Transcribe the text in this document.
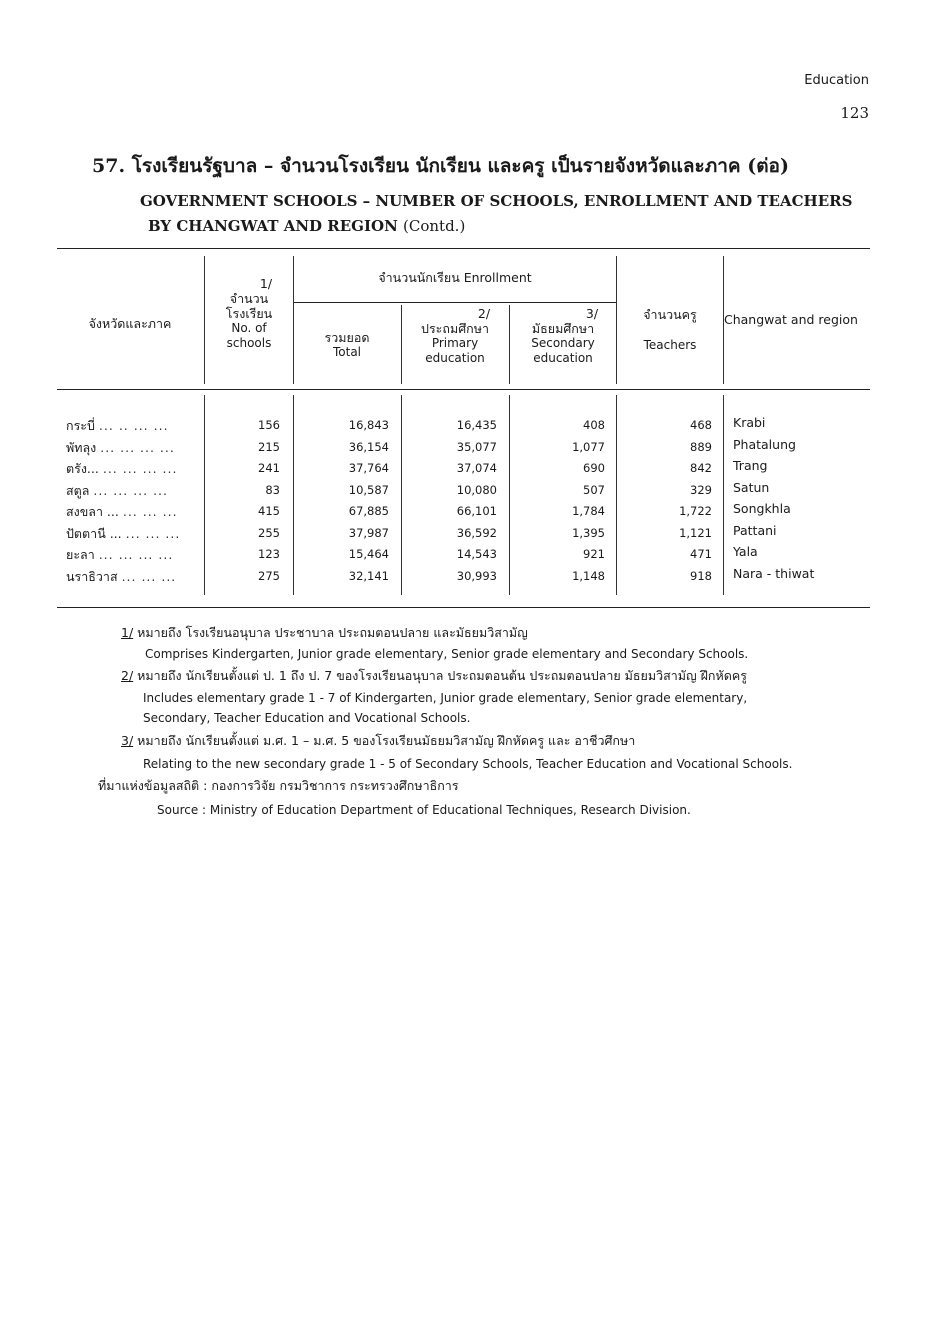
Education
123
57. โรงเรียนรัฐบาล – จำนวนโรงเรียน นักเรียน และครู เป็นรายจังหวัดและภาค (ต่อ)
GOVERNMENT SCHOOLS – NUMBER OF SCHOOLS, ENROLLMENT AND TEACHERS
BY CHANGWAT AND REGION (Contd.)
จังหวัดและภาค
1/
จำนวน
โรงเรียน
No. of
schools
จำนวนนักเรียน Enrollment
รวมยอด
Total
2/
ประถมศึกษา
Primary
education
3/
มัธยมศึกษา
Secondary
education
จำนวนครู
Teachers
Changwat and region
กระบี่ ... .. ... ...	156	16,843	16,435	408	468 Krabi
พัทลุง ... ... ... ...	215	36,154	35,077	1,077	889 Phatalung
ตรัง... ... ... ... ...	241	37,764	37,074	690	842 Trang
สตูล ... ... ... ...	83	10,587	10,080	507	329 Satun
สงขลา ... ... ... ...	415	67,885	66,101	1,784	1,722 Songkhla
ปัตตานี ... ... ... ...	255	37,987	36,592	1,395	1,121 Pattani
ยะลา ... ... ... ...	123	15,464	14,543	921	471 Yala
นราธิวาส ... ... ...	275	32,141	30,993	1,148	918 Nara - thiwat
1/ หมายถึง โรงเรียนอนุบาล ประชาบาล ประถมตอนปลาย และมัธยมวิสามัญ
Comprises Kindergarten, Junior grade elementary, Senior grade elementary and Secondary Schools.
2/ หมายถึง นักเรียนตั้งแต่ ป. 1 ถึง ป. 7 ของโรงเรียนอนุบาล ประถมตอนต้น ประถมตอนปลาย มัธยมวิสามัญ ฝึกหัดครู
Includes elementary grade 1 - 7 of Kindergarten, Junior grade elementary, Senior grade elementary,
Secondary, Teacher Education and Vocational Schools.
3/ หมายถึง นักเรียนตั้งแต่ ม.ศ. 1 – ม.ศ. 5 ของโรงเรียนมัธยมวิสามัญ ฝึกหัดครู และ อาชีวศึกษา
Relating to the new secondary grade 1 - 5 of Secondary Schools, Teacher Education and Vocational Schools.
ที่มาแห่งข้อมูลสถิติ : กองการวิจัย กรมวิชาการ กระทรวงศึกษาธิการ
Source : Ministry of Education Department of Educational Techniques, Research Division.
